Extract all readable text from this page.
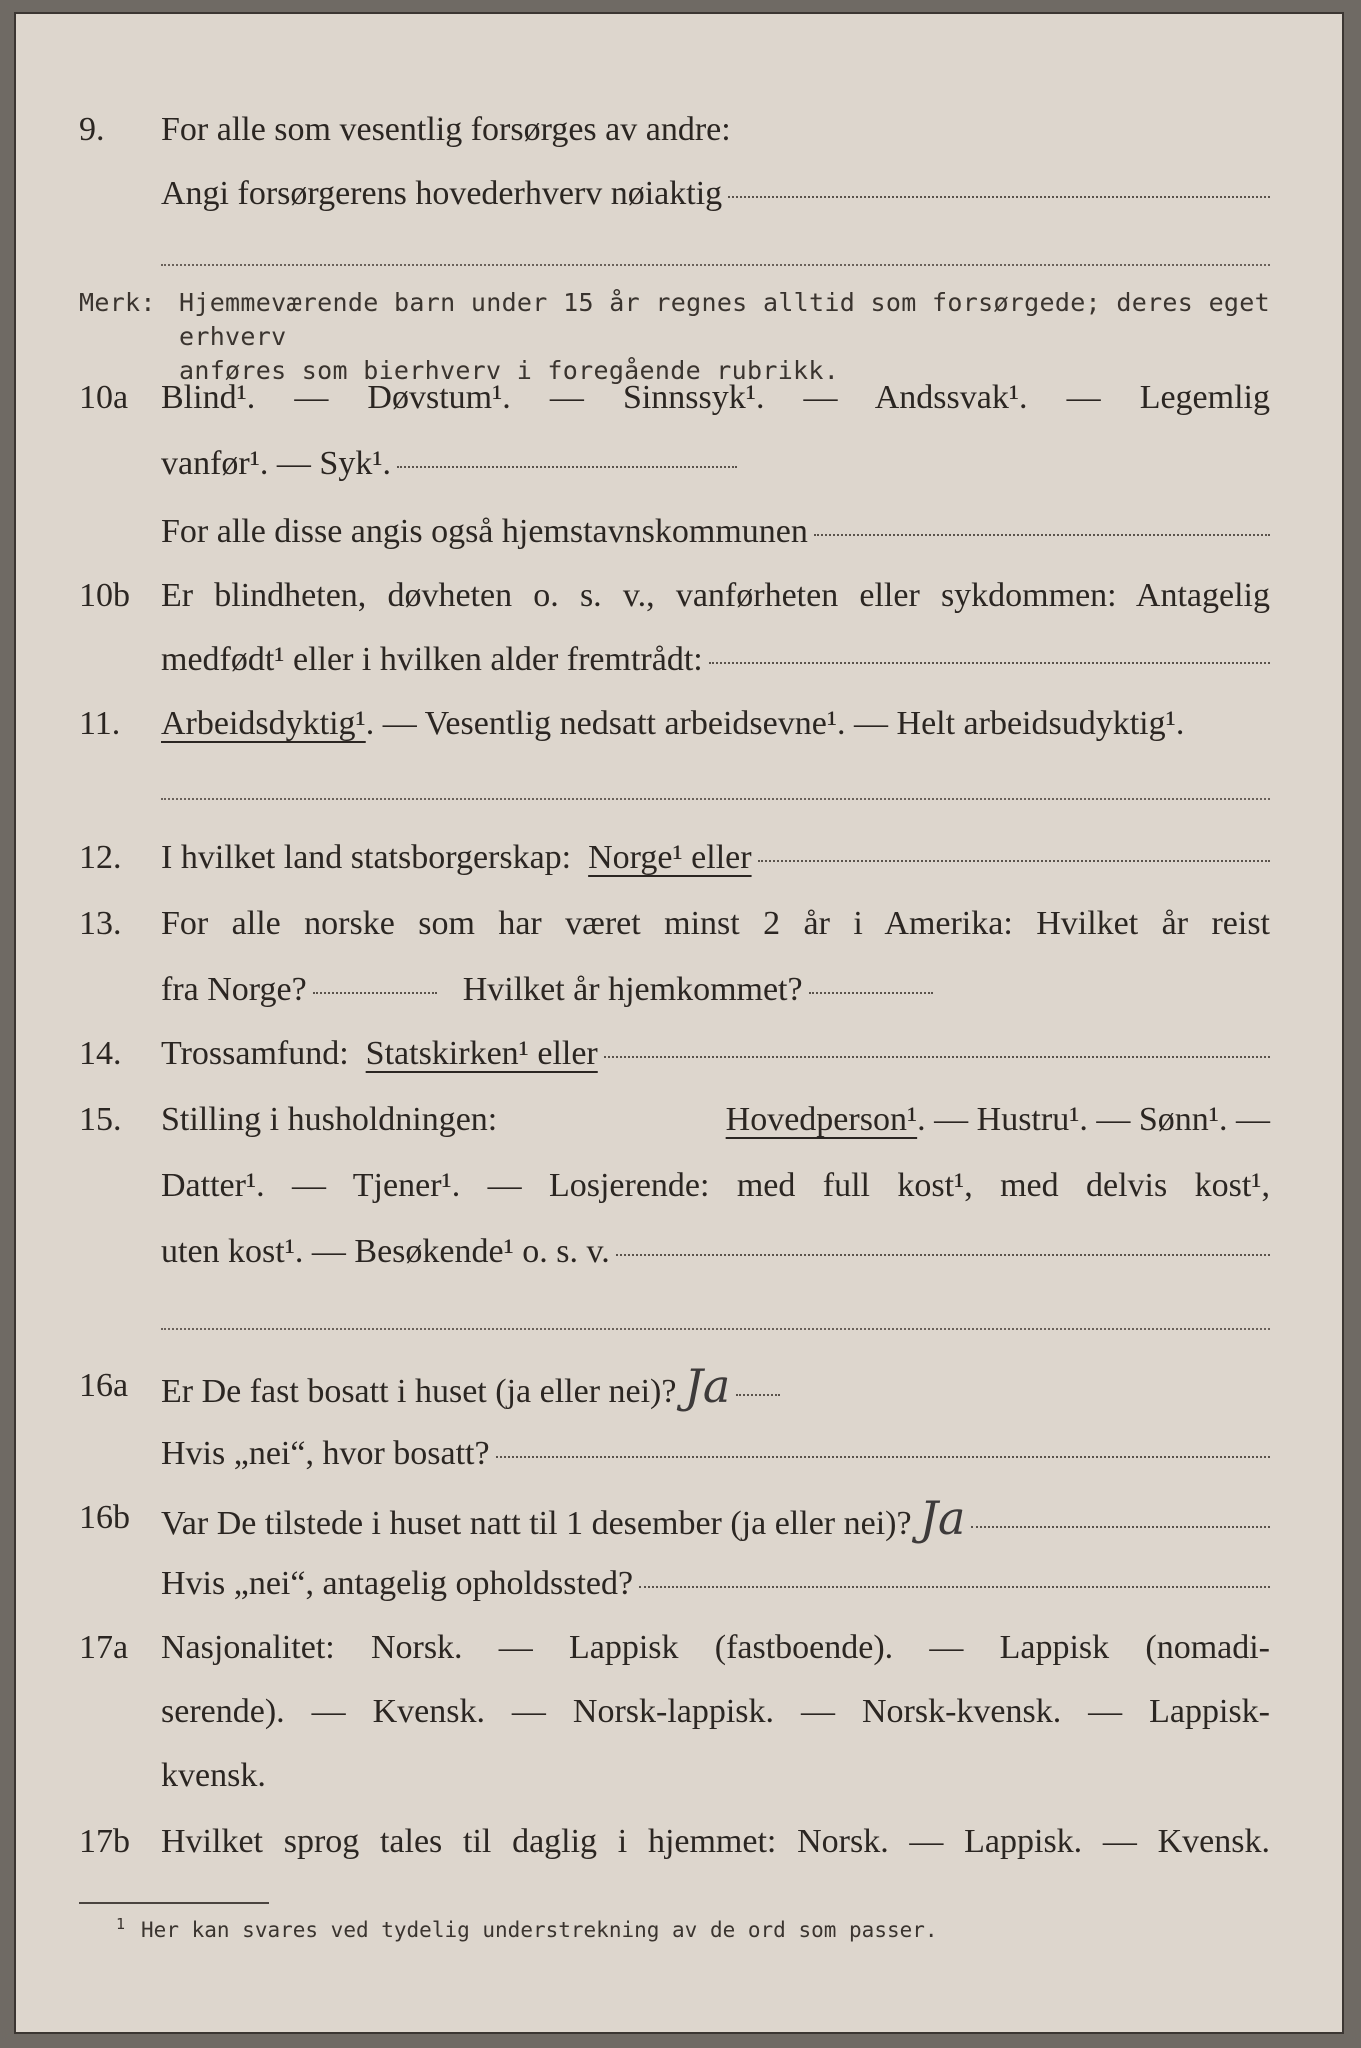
9.	For alle som vesentlig forsørges av andre:
Angi forsørgerens hovederhverv nøiaktig
Merk: Hjemmeværende barn under 15 år regnes alltid som forsørgede; deres eget erhverv
anføres som bierhverv i foregående rubrikk.
10a Blind¹. — Døvstum¹. — Sinnssyk¹. — Andssvak¹. — Legemlig
vanfør¹. — Syk¹.
For alle disse angis også hjemstavnskommunen
10b Er blindheten, døvheten o. s. v., vanførheten eller sykdommen: Antagelig
medfødt¹ eller i hvilken alder fremtrådt:
11.	Arbeidsdyktig¹ . — Vesentlig nedsatt arbeidsevne¹. — Helt arbeidsudyktig¹.
12.	I hvilket land statsborgerskap:
Norge¹ eller
13.	For alle norske som har været minst 2 år i Amerika: Hvilket år reist
fra Norge?	Hvilket år hjemkommet?
14.	Trossamfund:
Statskirken¹ eller
15.	Stilling i husholdningen:	Hovedperson¹. — Hustru¹. — Sønn¹. —
Datter¹. — Tjener¹. — Losjerende: med full kost¹, med delvis kost¹,
uten kost¹. — Besøkende¹ o. s. v.
16a Er De fast bosatt i huset (ja eller nei)? Ja
Hvis „nei“, hvor bosatt?
16b Var De tilstede i huset natt til 1 desember (ja eller nei)? Ja
Hvis „nei“, antagelig opholdssted?
17a Nasjonalitet: Norsk. — Lappisk (fastboende). — Lappisk (nomadi-
serende). — Kvensk. — Norsk-lappisk. — Norsk-kvensk. — Lappisk-
kvensk.
17b Hvilket sprog tales til daglig i hjemmet: Norsk. — Lappisk. — Kvensk.
$^1$ Her kan svares ved tydelig understrekning av de ord som passer.
